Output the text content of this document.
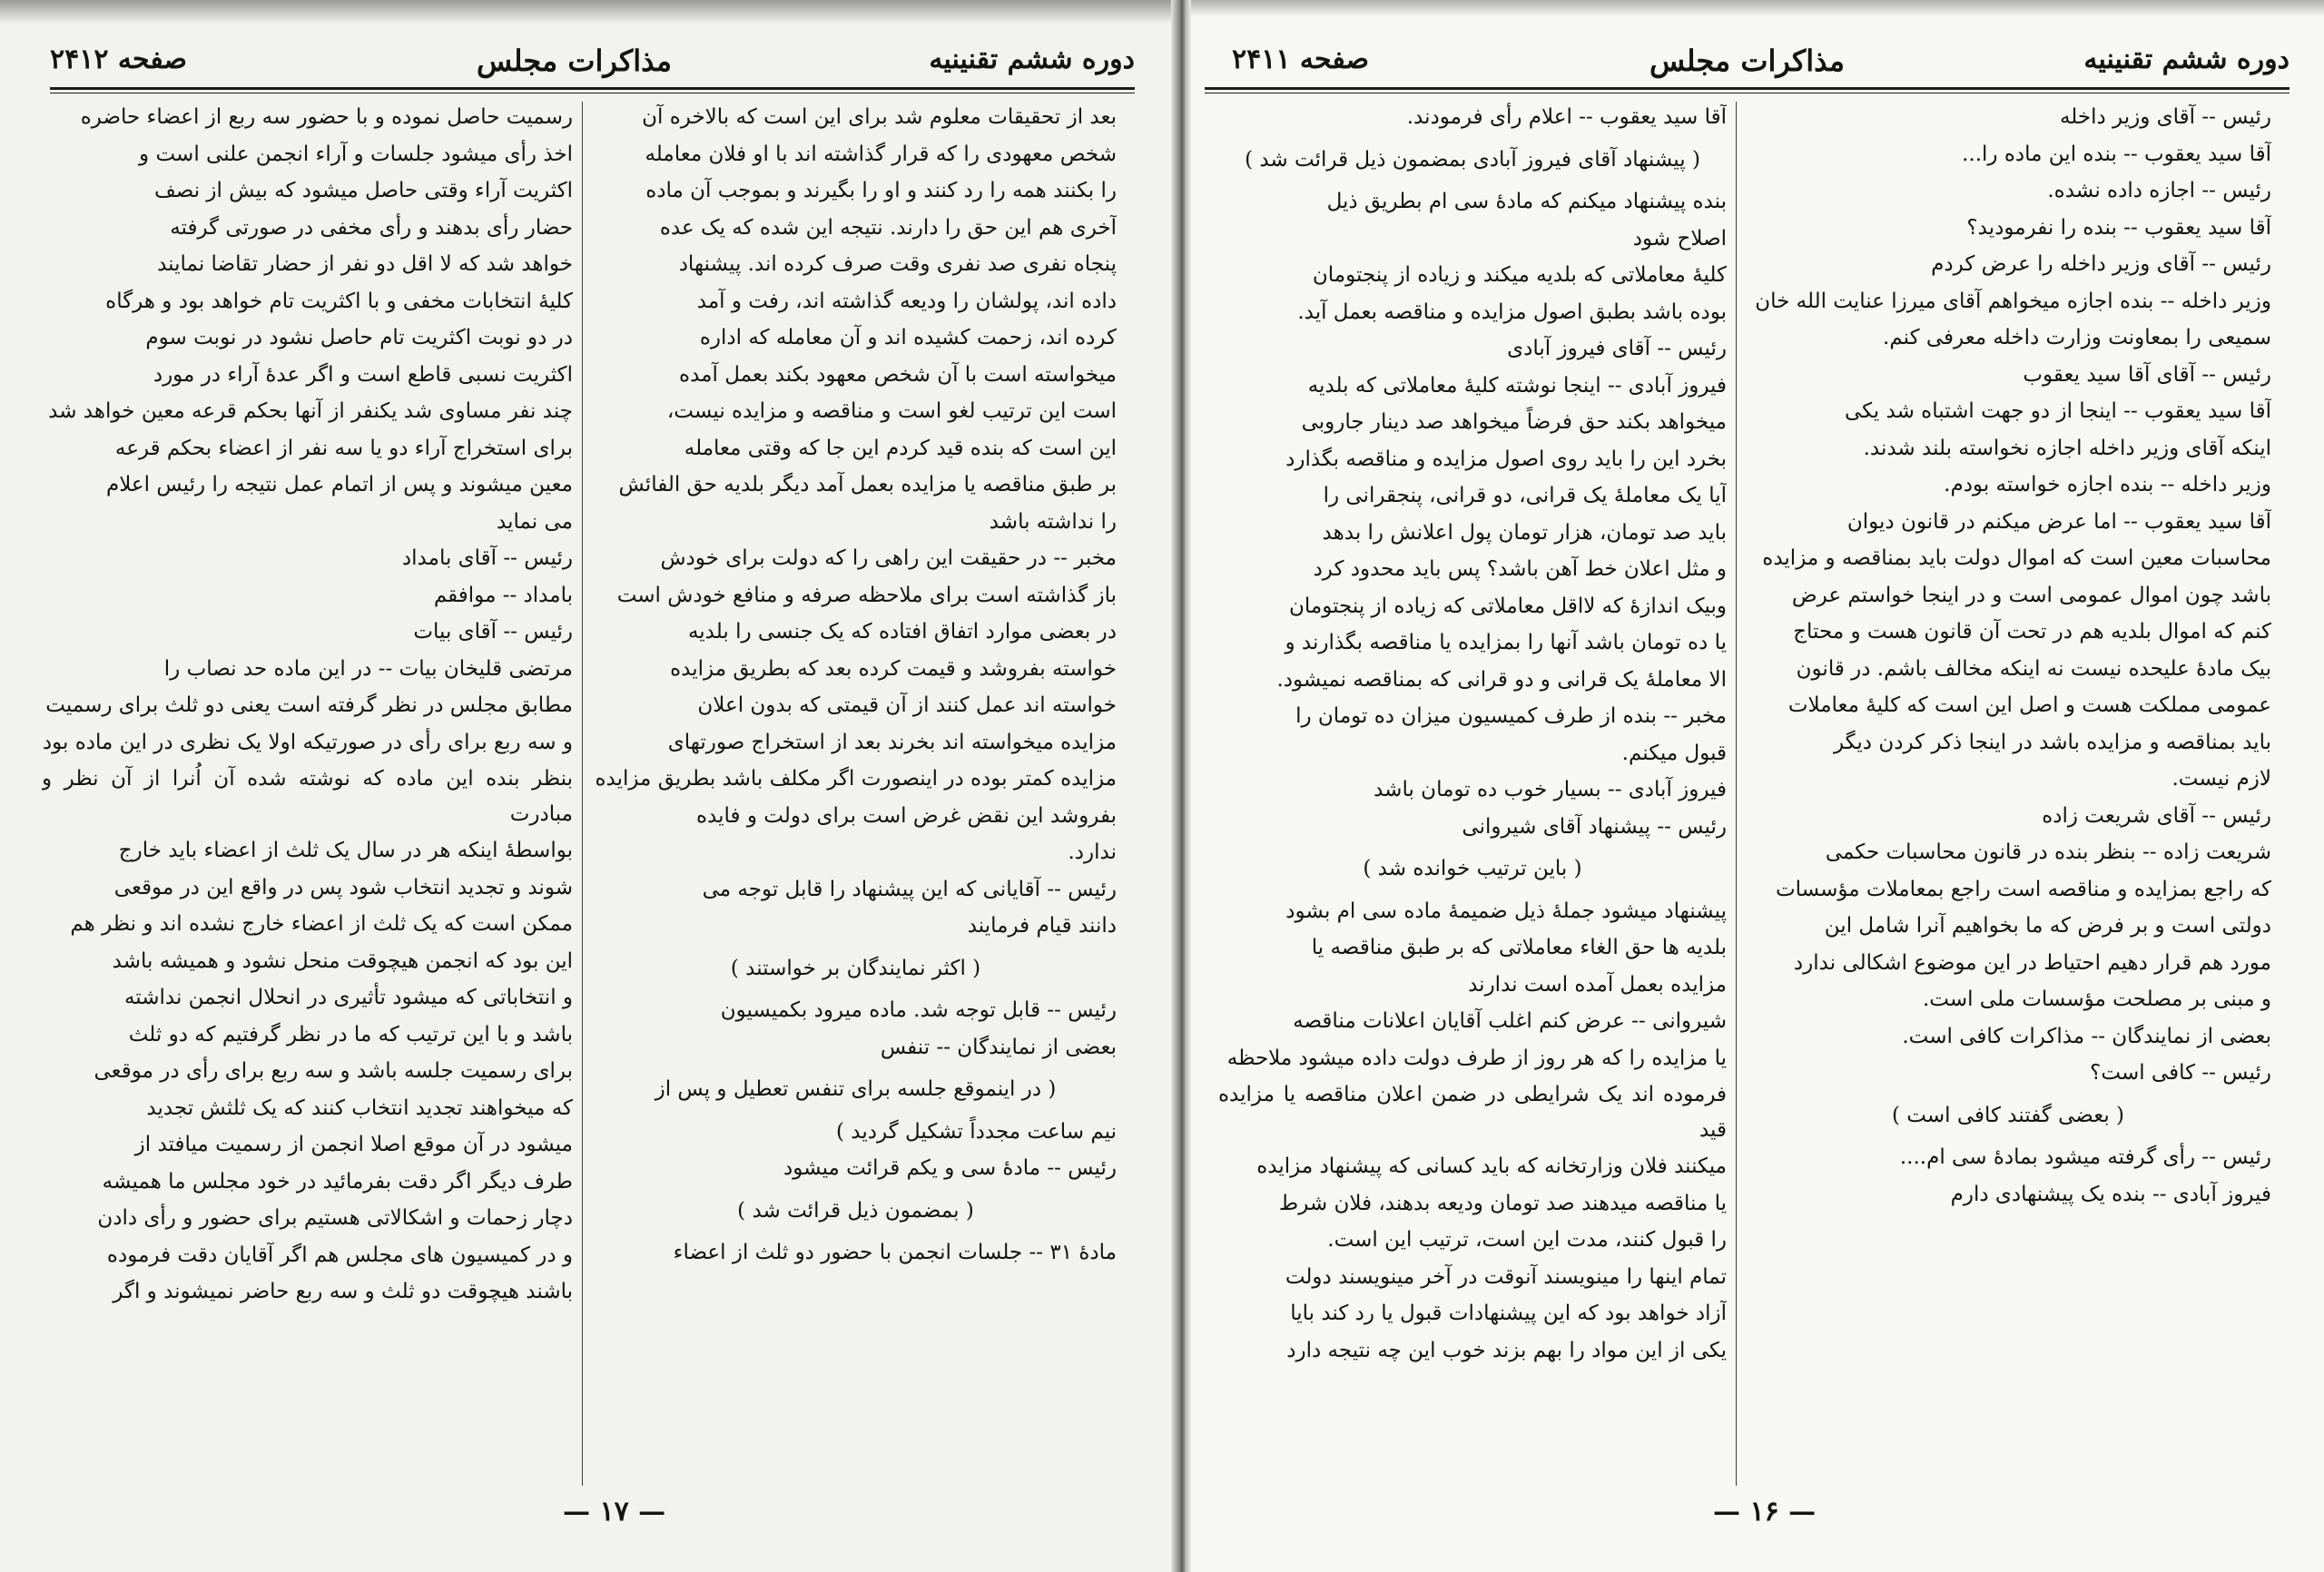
صفحه ۲۴۱۲	مذاکرات مجلس	دوره ششم تقنینیه

رسمیت حاصل نموده و با حضور سه ربع از اعضاء حاضره

اخذ رأی میشود جلسات و آراء انجمن علنی است و

اکثریت آراء وقتی حاصل میشود که بیش از نصف

حضار رأی بدهند و رأی مخفی در صورتی گرفته

خواهد شد که لا اقل دو نفر از حضار تقاضا نمایند

کلیهٔ انتخابات مخفی و با اکثریت تام خواهد بود و هرگاه

در دو نوبت اکثریت تام حاصل نشود در نوبت سوم

اکثریت نسبی قاطع است و اگر عدهٔ آراء در مورد

چند نفر مساوی شد یکنفر از آنها بحکم قرعه معین خواهد شد

برای استخراج آراء دو یا سه نفر از اعضاء بحکم قرعه

معین میشوند و پس از اتمام عمل نتیجه را رئیس اعلام

می نماید

رئیس -- آقای بامداد

بامداد -- موافقم

رئیس -- آقای بیات

مرتضی قلیخان بیات -- در این ماده حد نصاب را

مطابق مجلس در نظر گرفته است یعنی دو ثلث برای رسمیت

و سه ربع برای رأی در صورتیکه اولا یک نظری در این ماده بود

بنظر بنده این ماده که نوشته شده آن اُنرا از آن نظر و مبادرت

بواسطهٔ اینکه هر در سال یک ثلث از اعضاء باید خارج

شوند و تجدید انتخاب شود پس در واقع این در موقعی

ممکن است که یک ثلث از اعضاء خارج نشده اند و نظر هم

این بود که انجمن هیچوقت منحل نشود و همیشه باشد

و انتخاباتی که میشود تأثیری در انحلال انجمن نداشته

باشد و با این ترتیب که ما در نظر گرفتیم که دو ثلث

برای رسمیت جلسه باشد و سه ربع برای رأی در موقعی

که میخواهند تجدید انتخاب کنند که یک ثلثش تجدید

میشود در آن موقع اصلا انجمن از رسمیت میافتد از

طرف دیگر اگر دقت بفرمائید در خود مجلس ما همیشه

دچار زحمات و اشکالاتی هستیم برای حضور و رأی دادن

و در کمیسیون های مجلس هم اگر آقایان دقت فرموده

باشند هیچوقت دو ثلث و سه ربع حاضر نمیشوند و اگر

بعد از تحقیقات معلوم شد برای این است که بالاخره آن

شخص معهودی را که قرار گذاشته اند با او فلان معامله

را بکنند همه را رد کنند و او را بگیرند و بموجب آن ماده

آخری هم این حق را دارند. نتیجه این شده که یک عده

پنجاه نفری صد نفری وقت صرف کرده اند. پیشنهاد

داده اند، پولشان را ودیعه گذاشته اند، رفت و آمد

کرده اند، زحمت کشیده اند و آن معامله که اداره

میخواسته است با آن شخص معهود بکند بعمل آمده

است این ترتیب لغو است و مناقصه و مزایده نیست،

این است که بنده قید کردم این جا که وقتی معامله

بر طبق مناقصه یا مزایده بعمل آمد دیگر بلدیه حق الفائش

را نداشته باشد

مخبر -- در حقیقت این راهی را که دولت برای خودش

باز گذاشته است برای ملاحظه صرفه و منافع خودش است

در بعضی موارد اتفاق افتاده که یک جنسی را بلدیه

خواسته بفروشد و قیمت کرده بعد که بطریق مزایده

خواسته اند عمل کنند از آن قیمتی که بدون اعلان

مزایده میخواسته اند بخرند بعد از استخراج صورتهای

مزایده کمتر بوده در اینصورت اگر مکلف باشد بطریق مزایده

بفروشد این نقض غرض است برای دولت و فایده

ندارد.

رئیس -- آقایانی که این پیشنهاد را قابل توجه می

دانند قیام فرمایند

( اکثر نمایندگان بر خواستند )

رئیس -- قابل توجه شد. ماده میرود بکمیسیون

بعضی از نمایندگان -- تنفس

( در اینموقع جلسه برای تنفس تعطیل و پس از

نیم ساعت مجدداً تشکیل گردید )

رئیس -- مادهٔ سی و یکم قرائت میشود

( بمضمون ذیل قرائت شد )

مادهٔ ۳۱ -- جلسات انجمن با حضور دو ثلث از اعضاء

— ۱۷ —
صفحه ۲۴۱۱	مذاکرات مجلس	دوره ششم تقنینیه

آقا سید یعقوب -- اعلام رأی فرمودند.

( پیشنهاد آقای فیروز آبادی بمضمون ذیل قرائت شد )

بنده پیشنهاد میکنم که مادهٔ سی ام بطریق ذیل

اصلاح شود

کلیهٔ معاملاتی که بلدیه میکند و زیاده از پنجتومان

بوده باشد بطبق اصول مزایده و مناقصه بعمل آید.

رئیس -- آقای فیروز آبادی

فیروز آبادی -- اینجا نوشته کلیهٔ معاملاتی که بلدیه

میخواهد بکند حق فرضاً میخواهد صد دینار جاروبی

بخرد این را باید روی اصول مزایده و مناقصه بگذارد

آیا یک معاملهٔ یک قرانی، دو قرانی، پنجقرانی را

باید صد تومان، هزار تومان پول اعلانش را بدهد

و مثل اعلان خط آهن باشد؟ پس باید محدود کرد

وبیک اندازهٔ که لااقل معاملاتی که زیاده از پنجتومان

یا ده تومان باشد آنها را بمزایده یا مناقصه بگذارند و

الا معاملهٔ یک قرانی و دو قرانی که بمناقصه نمیشود.

مخبر -- بنده از طرف کمیسیون میزان ده تومان را

قبول میکنم.

فیروز آبادی -- بسیار خوب ده تومان باشد

رئیس -- پیشنهاد آقای شیروانی

( باین ترتیب خوانده شد )

پیشنهاد میشود جملهٔ ذیل ضمیمهٔ ماده سی ام بشود

بلدیه ها حق الغاء معاملاتی که بر طبق مناقصه یا

مزایده بعمل آمده است ندارند

شیروانی -- عرض کنم اغلب آقایان اعلانات مناقصه

یا مزایده را که هر روز از طرف دولت داده میشود ملاحظه

فرموده اند یک شرایطی در ضمن اعلان مناقصه یا مزایده قید

میکنند فلان وزارتخانه که باید کسانی که پیشنهاد مزایده

یا مناقصه میدهند صد تومان ودیعه بدهند، فلان شرط

را قبول کنند، مدت این است، ترتیب این است.

تمام اینها را مینویسند آنوقت در آخر مینویسند دولت

آزاد خواهد بود که این پیشنهادات قبول یا رد کند بایا

یکی از این مواد را بهم بزند خوب این چه نتیجه دارد

رئیس -- آقای وزیر داخله

آقا سید یعقوب -- بنده این ماده را...

رئیس -- اجازه داده نشده.

آقا سید یعقوب -- بنده را نفرمودید؟

رئیس -- آقای وزیر داخله را عرض کردم

وزیر داخله -- بنده اجازه میخواهم آقای میرزا عنایت الله خان

سمیعی را بمعاونت وزارت داخله معرفی کنم.

رئیس -- آقای آقا سید یعقوب

آقا سید یعقوب -- اینجا از دو جهت اشتباه شد یکی

اینکه آقای وزیر داخله اجازه نخواسته بلند شدند.

وزیر داخله -- بنده اجازه خواسته بودم.

آقا سید یعقوب -- اما عرض میکنم در قانون دیوان

محاسبات معین است که اموال دولت باید بمناقصه و مزایده

باشد چون اموال عمومی است و در اینجا خواستم عرض

کنم که اموال بلدیه هم در تحت آن قانون هست و محتاج

بیک مادهٔ علیحده نیست نه اینکه مخالف باشم. در قانون

عمومی مملکت هست و اصل این است که کلیهٔ معاملات

باید بمناقصه و مزایده باشد در اینجا ذکر کردن دیگر

لازم نیست.

رئیس -- آقای شریعت زاده

شریعت زاده -- بنظر بنده در قانون محاسبات حکمی

که راجع بمزایده و مناقصه است راجع بمعاملات مؤسسات

دولتی است و بر فرض که ما بخواهیم آنرا شامل این

مورد هم قرار دهیم احتیاط در این موضوع اشکالی ندارد

و مبنی بر مصلحت مؤسسات ملی است.

بعضی از نمایندگان -- مذاکرات کافی است.

رئیس -- کافی است؟

( بعضی گفتند کافی است )

رئیس -- رأی گرفته میشود بمادهٔ سی ام....

فیروز آبادی -- بنده یک پیشنهادی دارم

— ۱۶ —
